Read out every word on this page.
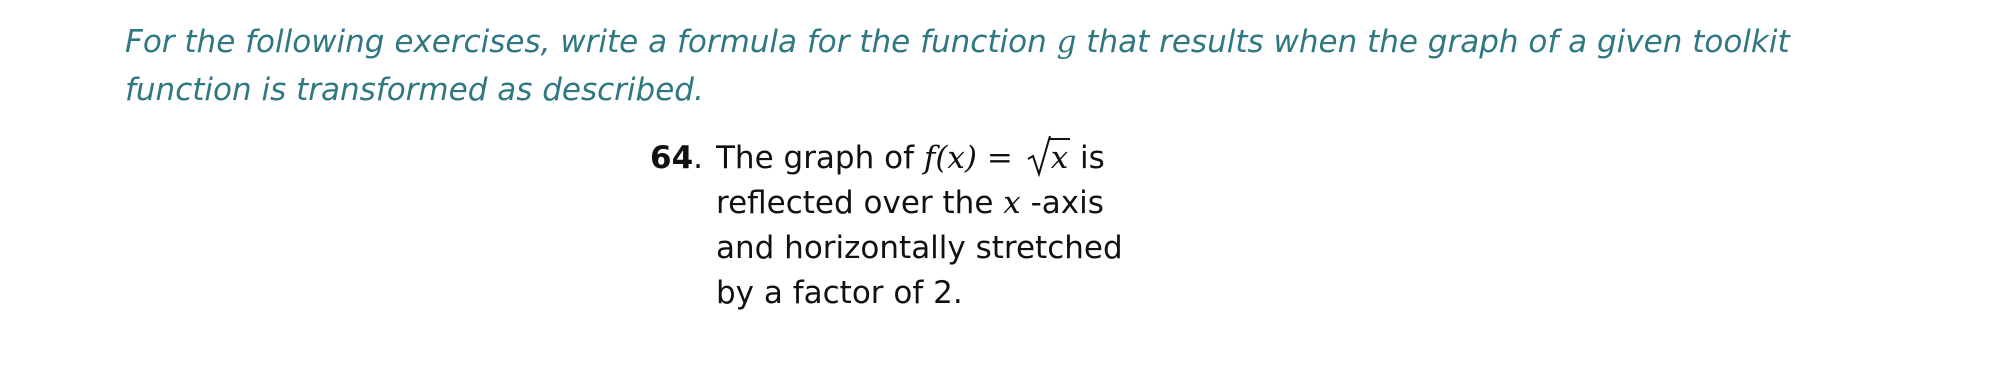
For the following exercises, write a formula for the function g that results when the graph of a given toolkit function is transformed as described.
64. The graph of f(x) =
x is
reflected over the x -axis
and horizontally stretched
by a factor of 2.
